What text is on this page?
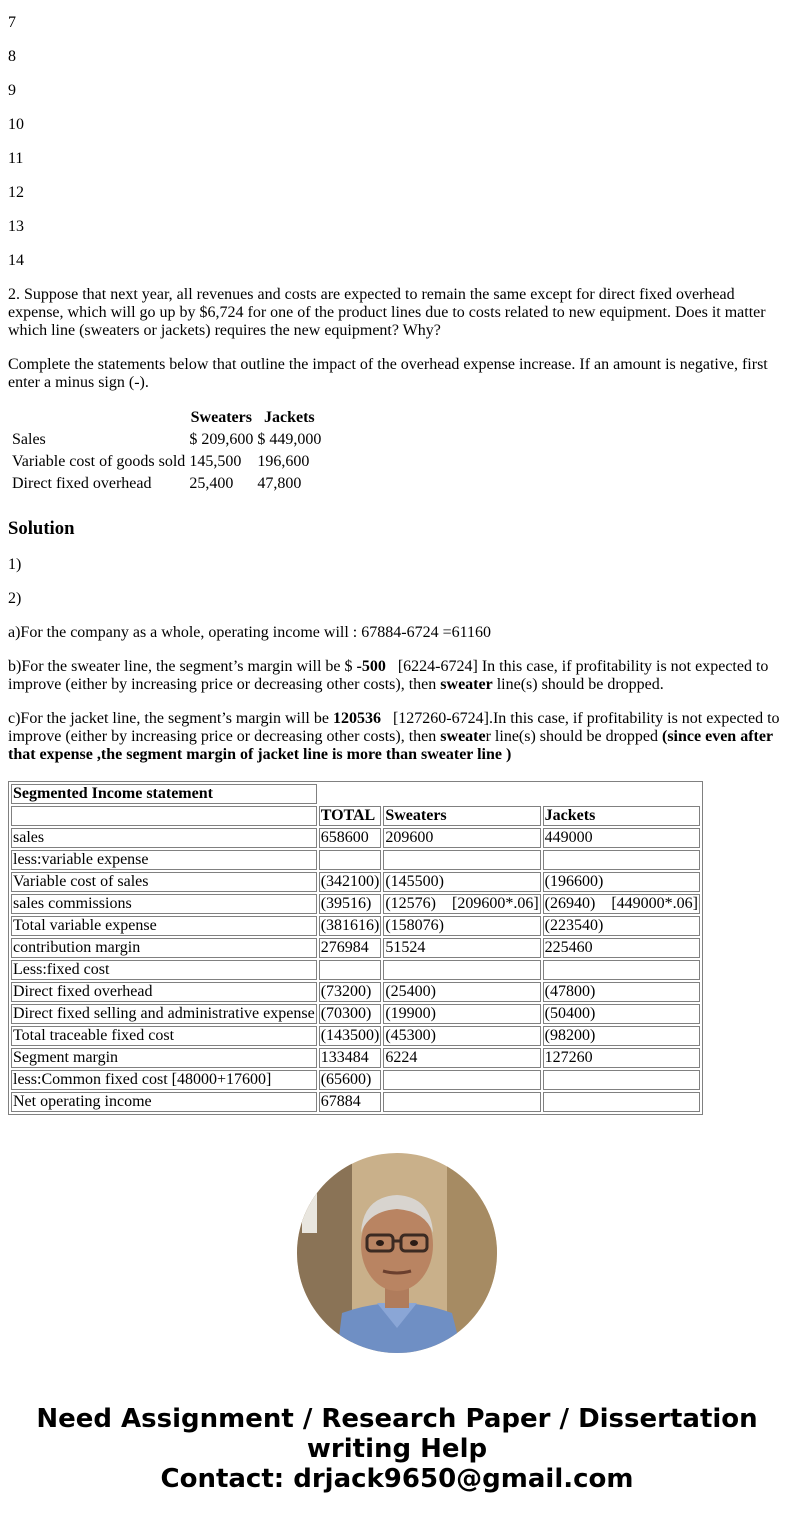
7

8

9

10

11

12

13

14

2. Suppose that next year, all revenues and costs are expected to remain the same except for direct fixed overhead expense, which will go up by $6,724 for one of the product lines due to costs related to new equipment. Does it matter which line (sweaters or jackets) requires the new equipment? Why?

Complete the statements below that outline the impact of the overhead expense increase. If an amount is negative, first enter a minus sign (-).

	Sweaters	Jackets
Sales	$ 209,600	$ 449,000
Variable cost of goods sold	145,500	196,600
Direct fixed overhead	25,400	47,800
Solution

1)

2)

a)For the company as a whole, operating income will : 67884-6724 =61160

b)For the sweater line, the segment’s margin will be $ -500 [6224-6724] In this case, if profitability is not expected to improve (either by increasing price or decreasing other costs), then sweater line(s) should be dropped.

c)For the jacket line, the segment’s margin will be 120536 [127260-6724].In this case, if profitability is not expected to improve (either by increasing price or decreasing other costs), then sweater line(s) should be dropped (since even after that expense ,the segment margin of jacket line is more than sweater line )

Segmented Income statement			
	TOTAL	Sweaters	Jackets
sales	658600	209600	449000
less:variable expense			
Variable cost of sales	(342100)	(145500)	(196600)
sales commissions	(39516)	(12576)    [209600*.06]	(26940)    [449000*.06]
Total variable expense	(381616)	(158076)	(223540)
contribution margin	276984	51524	225460
Less:fixed cost			
Direct fixed overhead	(73200)	(25400)	(47800)
Direct fixed selling and administrative expense	(70300)	(19900)	(50400)
Total traceable fixed cost	(143500)	(45300)	(98200)
Segment margin	133484	6224	127260
less:Common fixed cost [48000+17600]	(65600)		
Net operating income	67884		
Need Assignment / Research Paper / Dissertation
writing Help
Contact: drjack9650@gmail.com
